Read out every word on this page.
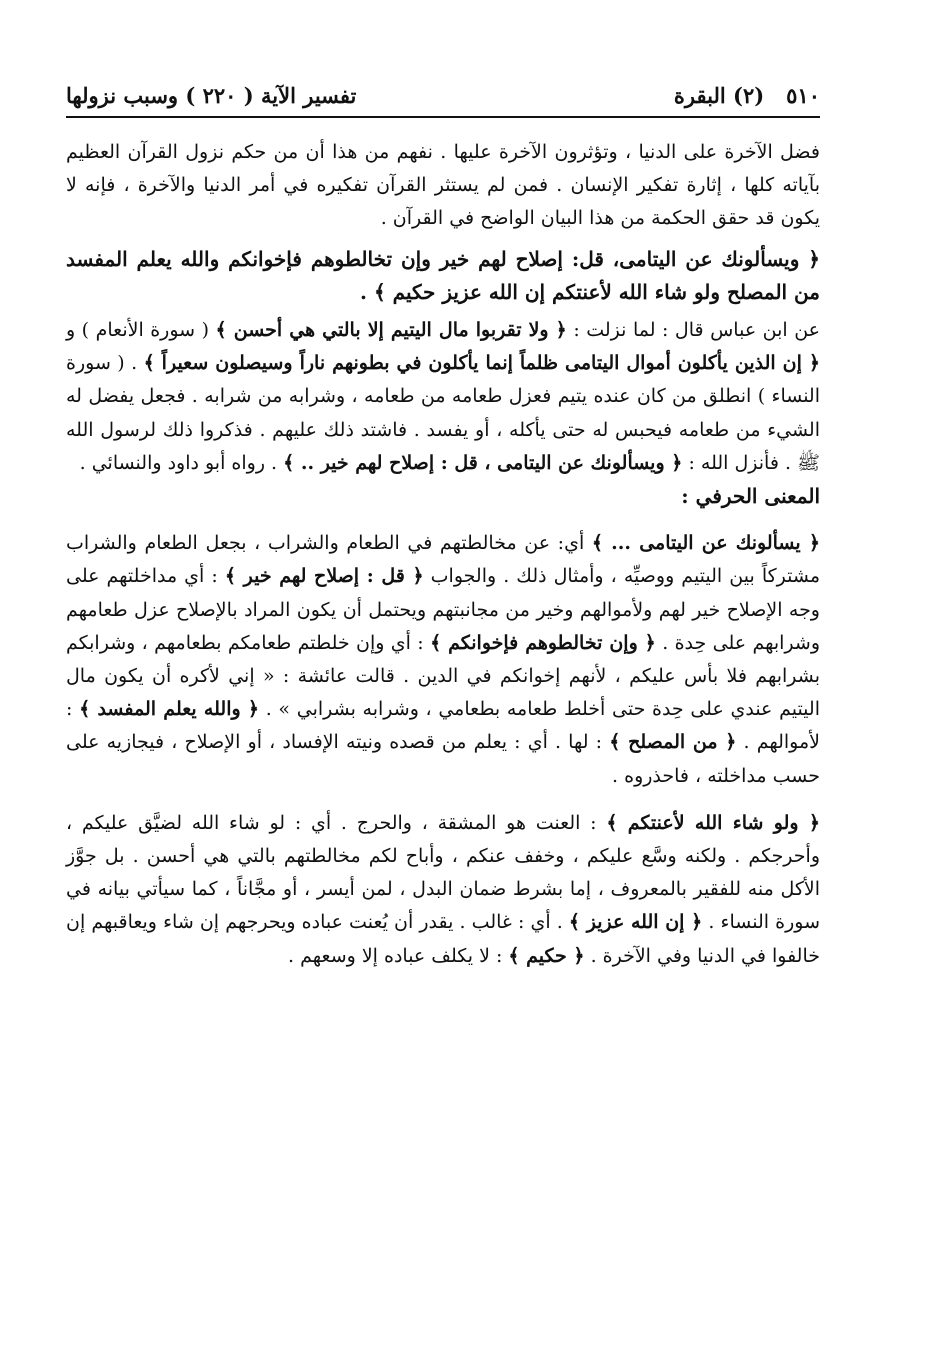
تفسير الآية ( ٢٢٠ ) وسبب نزولها	٥١٠
(٢) البقرة

فضل الآخرة على الدنيا ، وتؤثرون الآخرة عليها . نفهم من هذا أن من حكم نزول القرآن العظيم بآياته كلها ، إثارة تفكير الإنسان . فمن لم يستثر القرآن تفكيره في أمر الدنيا والآخرة ، فإنه لا يكون قد حقق الحكمة من هذا البيان الواضح في القرآن .

﴿ ويسألونك عن اليتامى، قل: إصلاح لهم خير وإن تخالطوهم فإخوانكم والله يعلم المفسد من المصلح ولو شاء الله لأعنتكم إن الله عزيز حكيم ﴾ .

عن ابن عباس قال : لما نزلت : ﴿ ولا تقربوا مال اليتيم إلا بالتي هي أحسن ﴾ ( سورة الأنعام ) و ﴿ إن الذين يأكلون أموال اليتامى ظلماً إنما يأكلون في بطونهم ناراً وسيصلون سعيراً ﴾ . ( سورة النساء ) انطلق من كان عنده يتيم فعزل طعامه من طعامه ، وشرابه من شرابه . فجعل يفضل له الشيء من طعامه فيحبس له حتى يأكله ، أو يفسد . فاشتد ذلك عليهم . فذكروا ذلك لرسول الله ﷺ . فأنزل الله : ﴿ ويسألونك عن اليتامى ، قل : إصلاح لهم خير .. ﴾ . رواه أبو داود والنسائي .

المعنى الحرفي :

﴿ يسألونك عن اليتامى ... ﴾ أي: عن مخالطتهم في الطعام والشراب ، بجعل الطعام والشراب مشتركاً بين اليتيم ووصيِّه ، وأمثال ذلك . والجواب ﴿ قل : إصلاح لهم خير ﴾ : أي مداخلتهم على وجه الإصلاح خير لهم ولأموالهم وخير من مجانبتهم ويحتمل أن يكون المراد بالإصلاح عزل طعامهم وشرابهم على حِدة . ﴿ وإن تخالطوهم فإخوانكم ﴾ : أي وإن خلطتم طعامكم بطعامهم ، وشرابكم بشرابهم فلا بأس عليكم ، لأنهم إخوانكم في الدين . قالت عائشة : « إني لأكره أن يكون مال اليتيم عندي على حِدة حتى أخلط طعامه بطعامي ، وشرابه بشرابي » . ﴿ والله يعلم المفسد ﴾ : لأموالهم . ﴿ من المصلح ﴾ : لها . أي : يعلم من قصده ونيته الإفساد ، أو الإصلاح ، فيجازيه على حسب مداخلته ، فاحذروه .

﴿ ولو شاء الله لأعنتكم ﴾ : العنت هو المشقة ، والحرج . أي : لو شاء الله لضيَّق عليكم ، وأحرجكم . ولكنه وسَّع عليكم ، وخفف عنكم ، وأباح لكم مخالطتهم بالتي هي أحسن . بل جوَّز الأكل منه للفقير بالمعروف ، إما بشرط ضمان البدل ، لمن أيسر ، أو مجَّاناً ، كما سيأتي بيانه في سورة النساء . ﴿ إن الله عزيز ﴾ . أي : غالب . يقدر أن يُعنت عباده ويحرجهم إن شاء ويعاقبهم إن خالفوا في الدنيا وفي الآخرة . ﴿ حكيم ﴾ : لا يكلف عباده إلا وسعهم .
